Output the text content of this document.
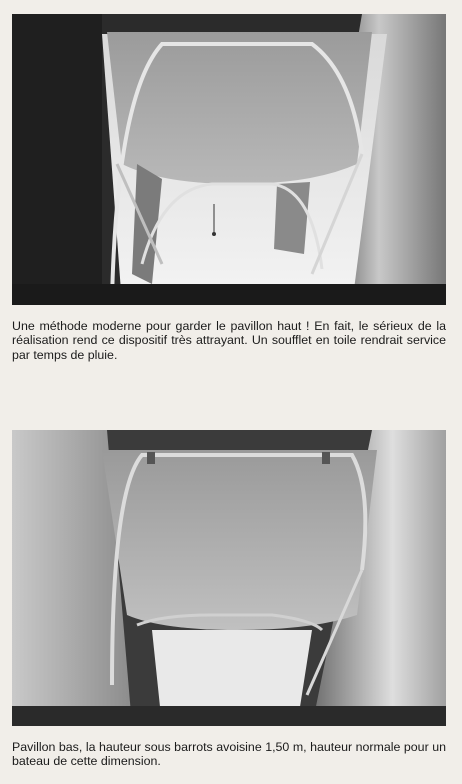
Une méthode moderne pour garder le pavillon haut ! En fait, le sérieux de la réalisation rend ce dispositif très attrayant. Un soufflet en toile rendrait service par temps de pluie.

Pavillon bas, la hauteur sous barrots avoisine 1,50 m, hauteur normale pour un bateau de cette dimension.
